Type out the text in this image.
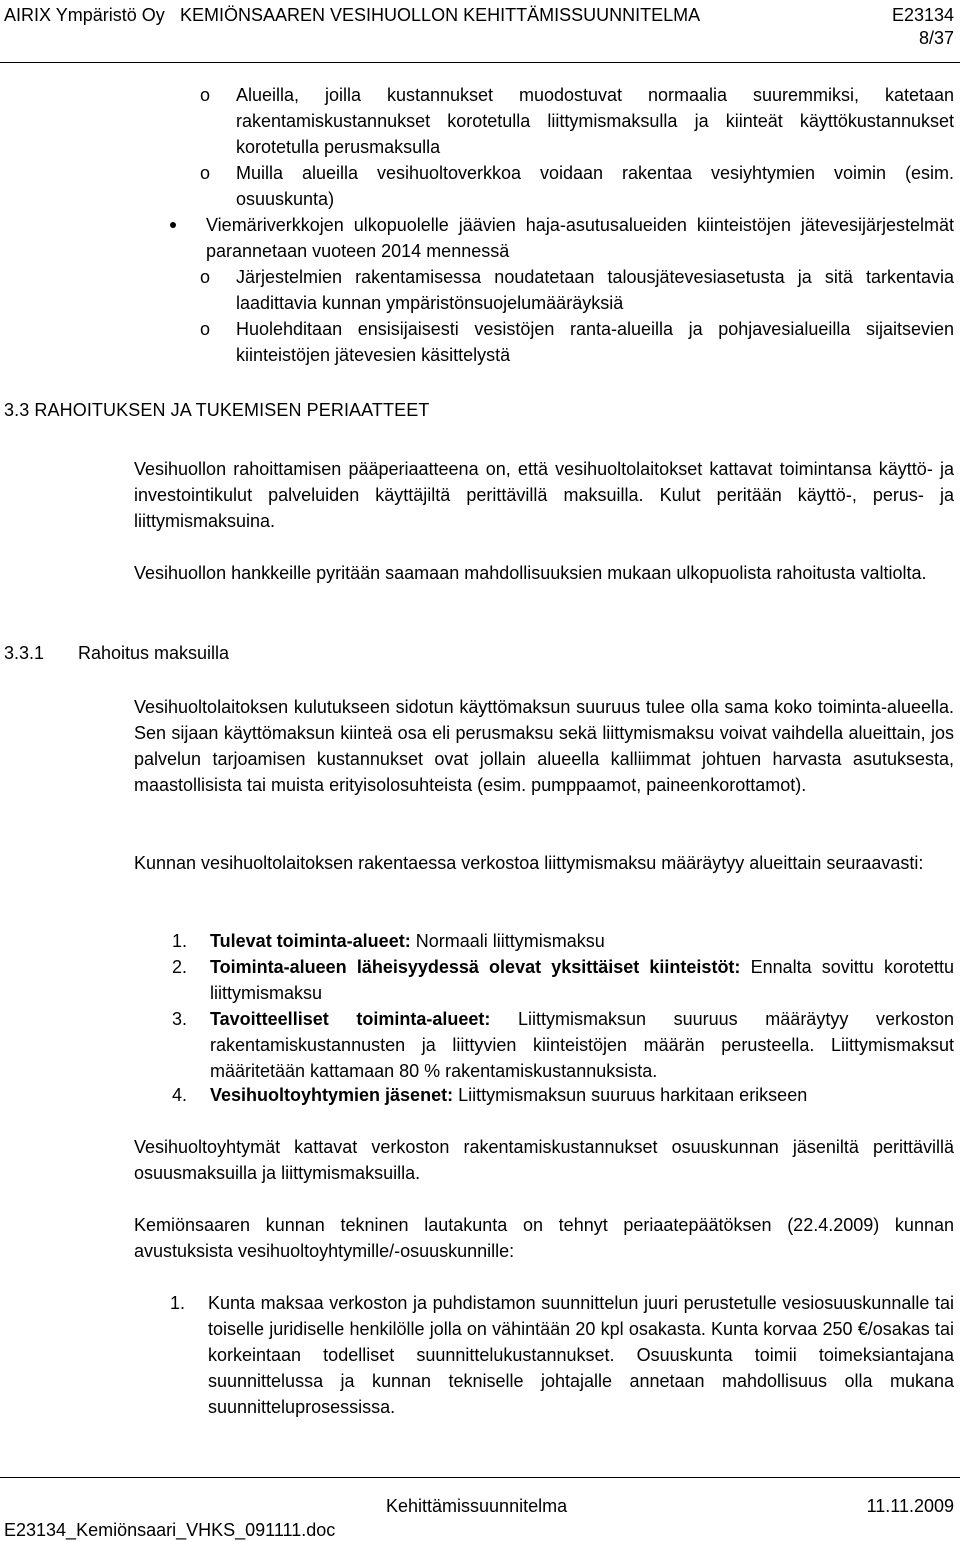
AIRIX Ympäristö Oy KEMIÖNSAAREN VESIHUOLLON KEHITTÄMISSUUNNITELMA	E23134
8/37
o Alueilla, joilla kustannukset muodostuvat normaalia suuremmiksi, katetaan rakentamiskustannukset korotetulla liittymismaksulla ja kiinteät käyttökustannukset korotetulla perusmaksulla
o Muilla alueilla vesihuoltoverkkoa voidaan rakentaa vesiyhtymien voimin (esim. osuuskunta)
Viemäriverkkojen ulkopuolelle jäävien haja-asutusalueiden kiinteistöjen jätevesijärjestelmät parannetaan vuoteen 2014 mennessä
o Järjestelmien rakentamisessa noudatetaan talousjätevesiasetusta ja sitä tarkentavia laadittavia kunnan ympäristönsuojelumääräyksiä
o Huolehditaan ensisijaisesti vesistöjen ranta-alueilla ja pohjavesialueilla sijaitsevien kiinteistöjen jätevesien käsittelystä
3.3 RAHOITUKSEN JA TUKEMISEN PERIAATTEET
Vesihuollon rahoittamisen pääperiaatteena on, että vesihuoltolaitokset kattavat toimintansa käyttö- ja investointikulut palveluiden käyttäjiltä perittävillä maksuilla. Kulut peritään käyttö-, perus- ja liittymismaksuina.
Vesihuollon hankkeille pyritään saamaan mahdollisuuksien mukaan ulkopuolista rahoitusta valtiolta.
3.3.1 Rahoitus maksuilla
Vesihuoltolaitoksen kulutukseen sidotun käyttömaksun suuruus tulee olla sama koko toiminta-alueella. Sen sijaan käyttömaksun kiinteä osa eli perusmaksu sekä liittymismaksu voivat vaihdella alueittain, jos palvelun tarjoamisen kustannukset ovat jollain alueella kalliimmat johtuen harvasta asutuksesta, maastollisista tai muista erityisolosuhteista (esim. pumppaamot, paineenkorottamot).
Kunnan vesihuoltolaitoksen rakentaessa verkostoa liittymismaksu määräytyy alueittain seuraavasti:
1. Tulevat toiminta-alueet: Normaali liittymismaksu
2. Toiminta-alueen läheisyydessä olevat yksittäiset kiinteistöt: Ennalta sovittu korotettu liittymismaksu
3. Tavoitteelliset toiminta-alueet: Liittymismaksun suuruus määräytyy verkoston rakentamiskustannusten ja liittyvien kiinteistöjen määrän perusteella. Liittymismaksut määritetään kattamaan 80 % rakentamiskustannuksista.
4. Vesihuoltoyhtymien jäsenet: Liittymismaksun suuruus harkitaan erikseen
Vesihuoltoyhtymät kattavat verkoston rakentamiskustannukset osuuskunnan jäseniltä perittävillä osuusmaksuilla ja liittymismaksuilla.
Kemiönsaaren kunnan tekninen lautakunta on tehnyt periaatepäätöksen (22.4.2009) kunnan avustuksista vesihuoltoyhtymille/-osuuskunnille:
1. Kunta maksaa verkoston ja puhdistamon suunnittelun juuri perustetulle vesiosuuskunnalle tai toiselle juridiselle henkilölle jolla on vähintään 20 kpl osakasta. Kunta korvaa 250 €/osakas tai korkeintaan todelliset suunnittelukustannukset. Osuuskunta toimii toimeksiantajana suunnittelussa ja kunnan tekniselle johtajalle annetaan mahdollisuus olla mukana suunnitteluprosessissa.
Kehittämissuunnitelma	11.11.2009
E23134_Kemiönsaari_VHKS_091111.doc
